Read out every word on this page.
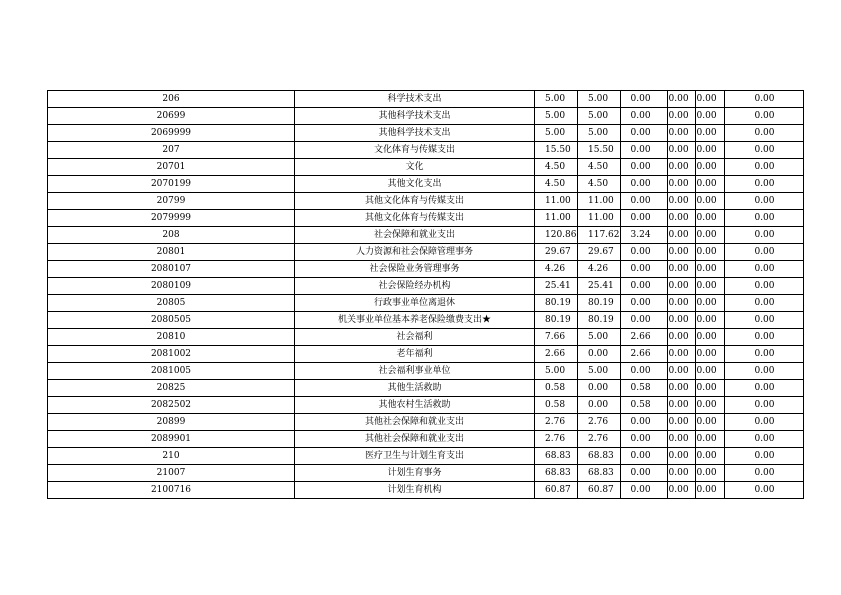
206	科学技术支出	5.00	5.00	0.00	0.00	0.00	0.00
20699	其他科学技术支出	5.00	5.00	0.00	0.00	0.00	0.00
2069999	其他科学技术支出	5.00	5.00	0.00	0.00	0.00	0.00
207	文化体育与传媒支出	15.50	15.50	0.00	0.00	0.00	0.00
20701	文化	4.50	4.50	0.00	0.00	0.00	0.00
2070199	其他文化支出	4.50	4.50	0.00	0.00	0.00	0.00
20799	其他文化体育与传媒支出	11.00	11.00	0.00	0.00	0.00	0.00
2079999	其他文化体育与传媒支出	11.00	11.00	0.00	0.00	0.00	0.00
208	社会保障和就业支出	120.86	117.62	3.24	0.00	0.00	0.00
20801	人力资源和社会保障管理事务	29.67	29.67	0.00	0.00	0.00	0.00
2080107	社会保险业务管理事务	4.26	4.26	0.00	0.00	0.00	0.00
2080109	社会保险经办机构	25.41	25.41	0.00	0.00	0.00	0.00
20805	行政事业单位离退休	80.19	80.19	0.00	0.00	0.00	0.00
2080505	机关事业单位基本养老保险缴费支出★	80.19	80.19	0.00	0.00	0.00	0.00
20810	社会福利	7.66	5.00	2.66	0.00	0.00	0.00
2081002	老年福利	2.66	0.00	2.66	0.00	0.00	0.00
2081005	社会福利事业单位	5.00	5.00	0.00	0.00	0.00	0.00
20825	其他生活救助	0.58	0.00	0.58	0.00	0.00	0.00
2082502	其他农村生活救助	0.58	0.00	0.58	0.00	0.00	0.00
20899	其他社会保障和就业支出	2.76	2.76	0.00	0.00	0.00	0.00
2089901	其他社会保障和就业支出	2.76	2.76	0.00	0.00	0.00	0.00
210	医疗卫生与计划生育支出	68.83	68.83	0.00	0.00	0.00	0.00
21007	计划生育事务	68.83	68.83	0.00	0.00	0.00	0.00
2100716	计划生育机构	60.87	60.87	0.00	0.00	0.00	0.00
